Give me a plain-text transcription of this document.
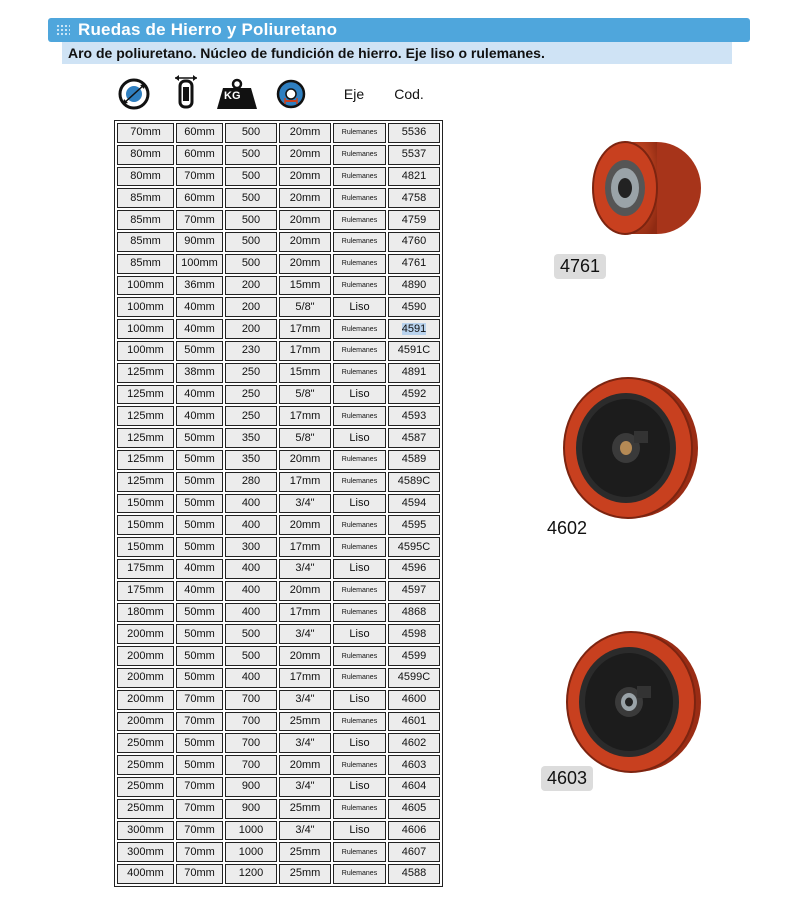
Ruedas de Hierro y Poliuretano
Aro de poliuretano. Núcleo de fundición de hierro. Eje liso o rulemanes.
KG	Eje Cod.
70mm	60mm	500	20mm	Rulemanes	5536
80mm	60mm	500	20mm	Rulemanes	5537
80mm	70mm	500	20mm	Rulemanes	4821
85mm	60mm	500	20mm	Rulemanes	4758
85mm	70mm	500	20mm	Rulemanes	4759
85mm	90mm	500	20mm	Rulemanes	4760
85mm	100mm	500	20mm	Rulemanes	4761
100mm	36mm	200	15mm	Rulemanes	4890
100mm	40mm	200	5/8"	Liso	4590
100mm	40mm	200	17mm	Rulemanes	4591
100mm	50mm	230	17mm	Rulemanes	4591C
125mm	38mm	250	15mm	Rulemanes	4891
125mm	40mm	250	5/8"	Liso	4592
125mm	40mm	250	17mm	Rulemanes	4593
125mm	50mm	350	5/8"	Liso	4587
125mm	50mm	350	20mm	Rulemanes	4589
125mm	50mm	280	17mm	Rulemanes	4589C
150mm	50mm	400	3/4"	Liso	4594
150mm	50mm	400	20mm	Rulemanes	4595
150mm	50mm	300	17mm	Rulemanes	4595C
175mm	40mm	400	3/4"	Liso	4596
175mm	40mm	400	20mm	Rulemanes	4597
180mm	50mm	400	17mm	Rulemanes	4868
200mm	50mm	500	3/4"	Liso	4598
200mm	50mm	500	20mm	Rulemanes	4599
200mm	50mm	400	17mm	Rulemanes	4599C
200mm	70mm	700	3/4"	Liso	4600
200mm	70mm	700	25mm	Rulemanes	4601
250mm	50mm	700	3/4"	Liso	4602
250mm	50mm	700	20mm	Rulemanes	4603
250mm	70mm	900	3/4"	Liso	4604
250mm	70mm	900	25mm	Rulemanes	4605
300mm	70mm	1000	3/4"	Liso	4606
300mm	70mm	1000	25mm	Rulemanes	4607
400mm	70mm	1200	25mm	Rulemanes	4588
4761
4602
4603
